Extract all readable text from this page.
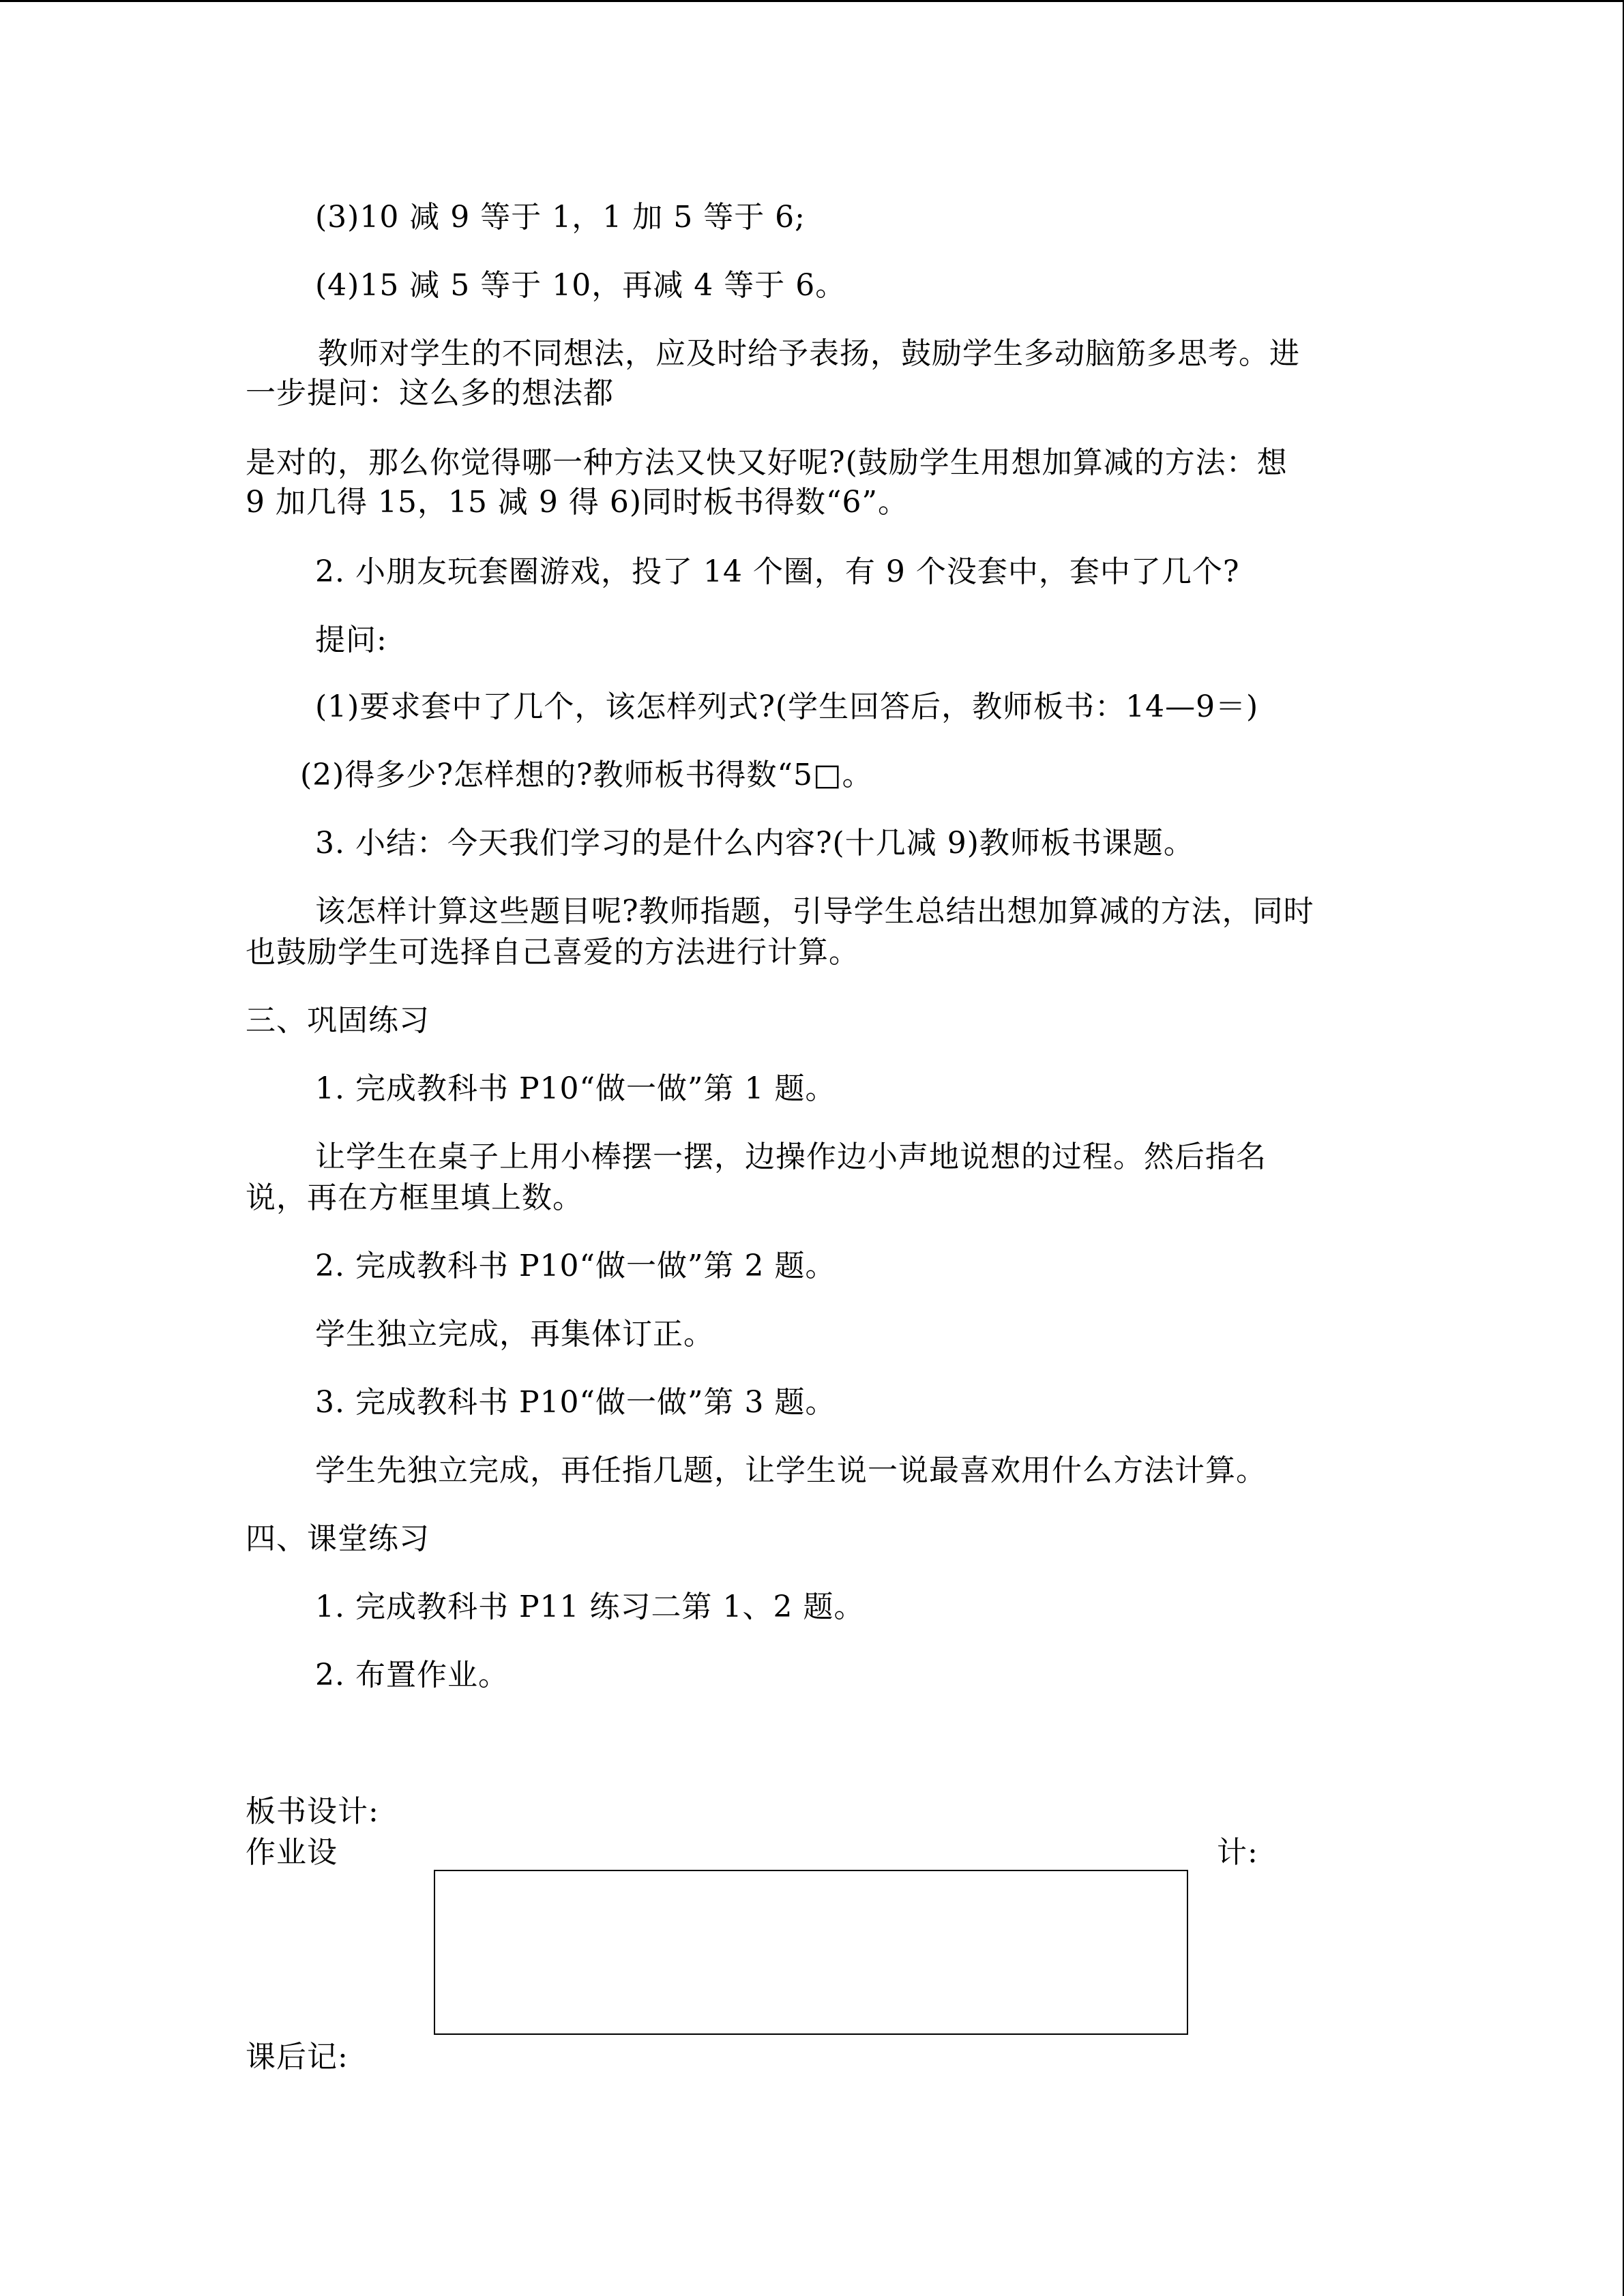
(3)10 减 9 等于 1，1 加 5 等于 6;
(4)15 减 5 等于 10，再减 4 等于 6。
教师对学生的不同想法，应及时给予表扬，鼓励学生多动脑筋多思考。进
一步提问：这么多的想法都
是对的，那么你觉得哪一种方法又快又好呢?(鼓励学生用想加算减的方法：想
9 加几得 15，15 减 9 得 6)同时板书得数“6”。
2. 小朋友玩套圈游戏，投了 14 个圈，有 9 个没套中，套中了几个?
提问:
(1)要求套中了几个，该怎样列式?(学生回答后，教师板书：14—9＝)
(2)得多少?怎样想的?教师板书得数“5□。
3. 小结：今天我们学习的是什么内容?(十几减 9)教师板书课题。
该怎样计算这些题目呢?教师指题，引导学生总结出想加算减的方法，同时
也鼓励学生可选择自己喜爱的方法进行计算。
三、巩固练习
1. 完成教科书 P10“做一做”第 1 题。
让学生在桌子上用小棒摆一摆，边操作边小声地说想的过程。然后指名
说，再在方框里填上数。
2. 完成教科书 P10“做一做”第 2 题。
学生独立完成，再集体订正。
3. 完成教科书 P10“做一做”第 3 题。
学生先独立完成，再任指几题，让学生说一说最喜欢用什么方法计算。
四、课堂练习
1. 完成教科书 P11 练习二第 1、2 题。
2. 布置作业。
板书设计:
作业设	计:
课后记:
